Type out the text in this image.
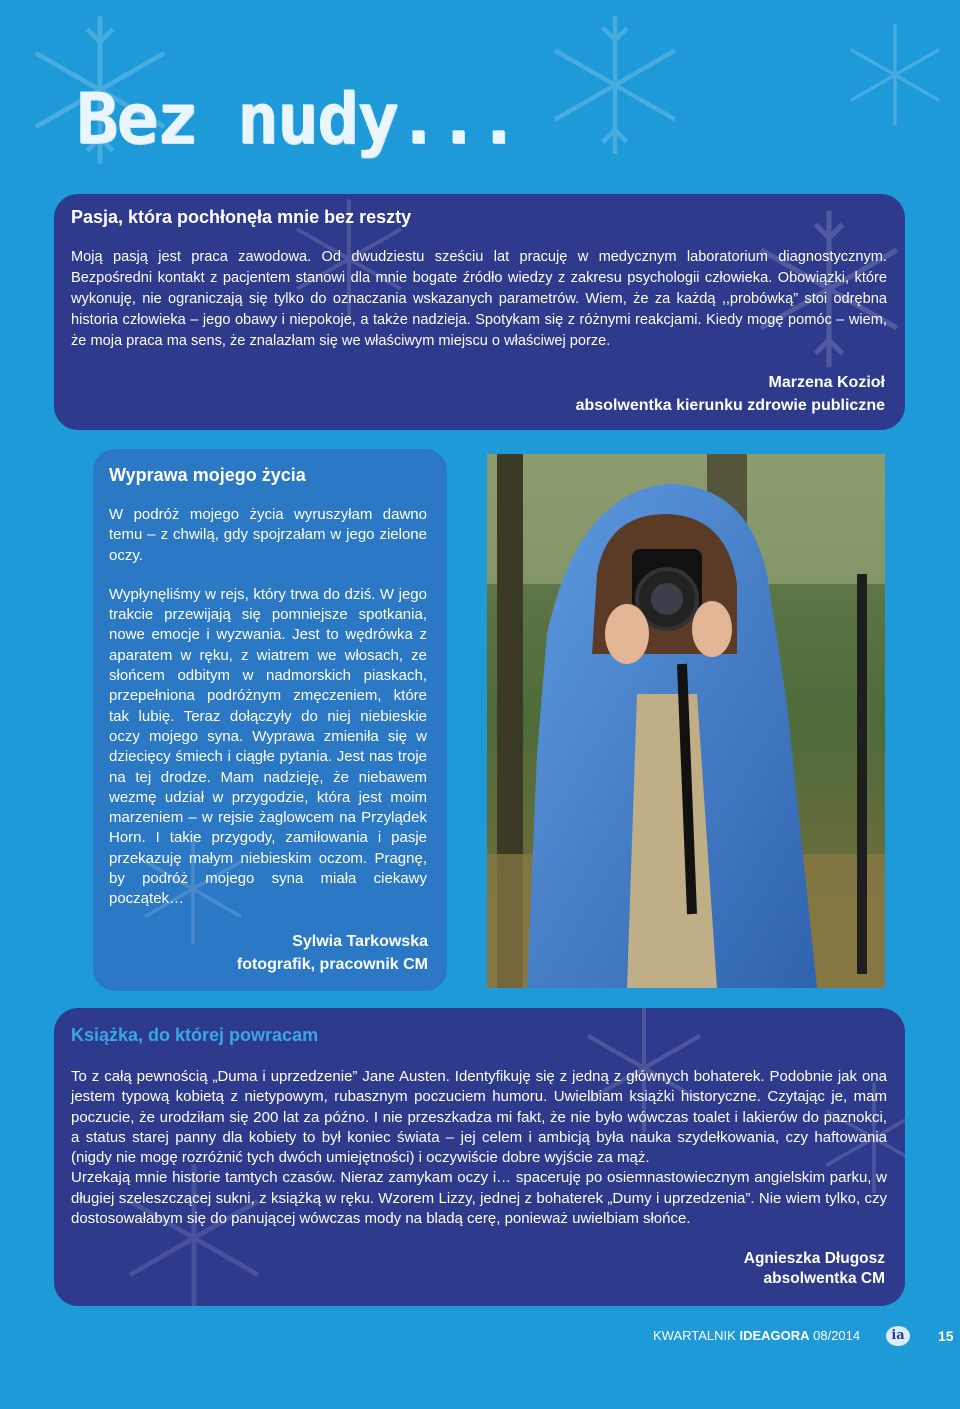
Bez nudy...
Pasja, która pochłonęła mnie bez reszty

Moją pasją jest praca zawodowa. Od dwudziestu sześciu lat pracuję w medycznym laboratorium diagnostycznym. Bezpośredni kontakt z pacjentem stanowi dla mnie bogate źródło wiedzy z zakresu psychologii człowieka. Obowiązki, które wykonuję, nie ograniczają się tylko do oznaczania wskazanych parametrów. Wiem, że za każdą ,,probówką” stoi odrębna historia człowieka – jego obawy i niepokoje, a także nadzieja. Spotykam się z różnymi reakcjami. Kiedy mogę pomóc – wiem, że moja praca ma sens, że znalazłam się we właściwym miejscu o właściwej porze.

Marzena Kozioł
absolwentka kierunku zdrowie publiczne
Wyprawa mojego życia

W podróż mojego życia wyruszyłam dawno temu – z chwilą, gdy spojrzałam w jego zielone oczy.

Wypłynęliśmy w rejs, który trwa do dziś. W jego trakcie przewijają się pomniejsze spotkania, nowe emocje i wyzwania. Jest to wędrówka z aparatem w ręku, z wiatrem we włosach, ze słońcem odbitym w nadmorskich piaskach, przepełniona podróżnym zmęczeniem, które tak lubię. Teraz dołączyły do niej niebieskie oczy mojego syna. Wyprawa zmieniła się w dziecięcy śmiech i ciągłe pytania. Jest nas troje na tej drodze. Mam nadzieję, że niebawem wezmę udział w przygodzie, która jest moim marzeniem – w rejsie żaglowcem na Przylądek Horn. I takie przygody, zamiłowania i pasje przekazuję małym niebieskim oczom. Pragnę, by podróż mojego syna miała ciekawy początek…

Sylwia Tarkowska
fotografik, pracownik CM
Książka, do której powracam

To z całą pewnością „Duma i uprzedzenie” Jane Austen. Identyfikuję się z jedną z głównych bohaterek. Podobnie jak ona jestem typową kobietą z nietypowym, rubasznym poczuciem humoru. Uwielbiam książki historyczne. Czytając je, mam poczucie, że urodziłam się 200 lat za późno. I nie przeszkadza mi fakt, że nie było wówczas toalet i lakierów do paznokci, a status starej panny dla kobiety to był koniec świata – jej celem i ambicją była nauka szydełkowania, czy haftowania (nigdy nie mogę rozróżnić tych dwóch umiejętności) i oczywiście dobre wyjście za mąż.

Urzekają mnie historie tamtych czasów. Nieraz zamykam oczy i… spaceruję po osiemnastowiecznym angielskim parku, w długiej szeleszczącej sukni, z książką w ręku. Wzorem Lizzy, jednej z bohaterek „Dumy i uprzedzenia”. Nie wiem tylko, czy dostosowałabym się do panującej wówczas mody na bladą cerę, ponieważ uwielbiam słońce.

Agnieszka Długosz
absolwentka CM
KWARTALNIK IDEAGORA 08/2014	ia	15
